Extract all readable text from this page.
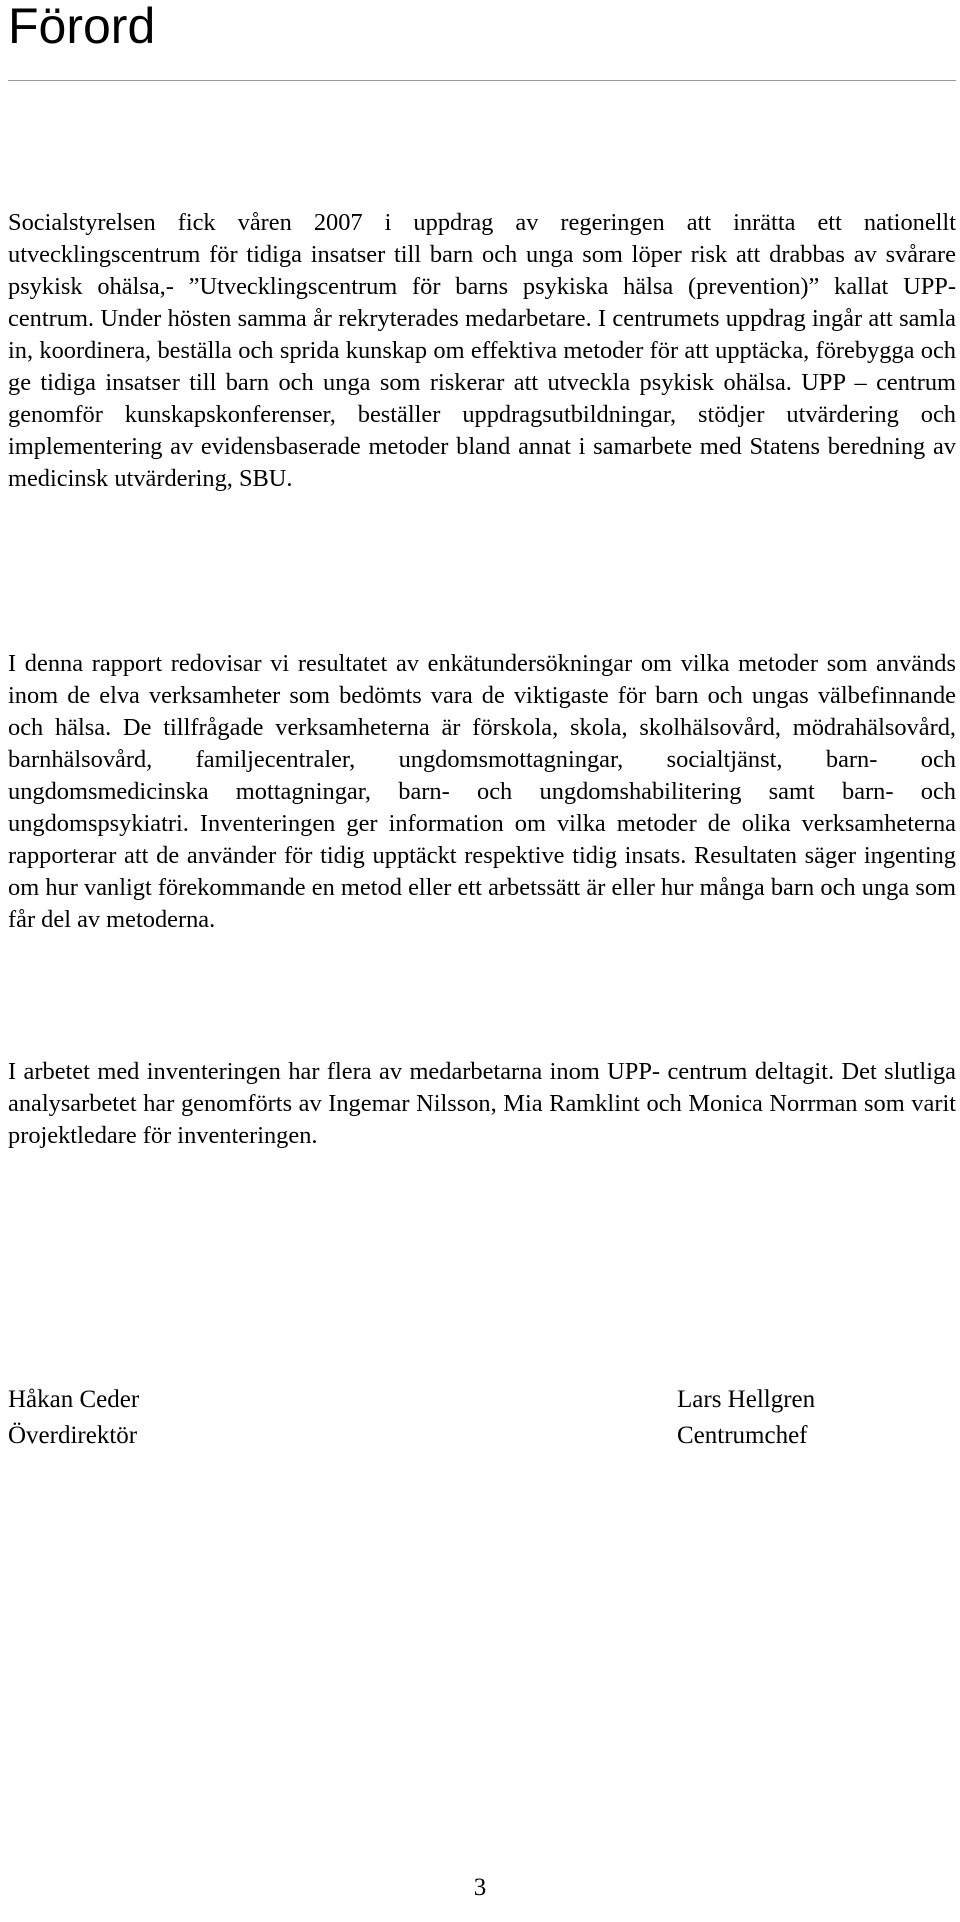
Förord

Socialstyrelsen fick våren 2007 i uppdrag av regeringen att inrätta ett nationellt utvecklingscentrum för tidiga insatser till barn och unga som löper risk att drabbas av svårare psykisk ohälsa,- ”Utvecklingscentrum för barns psykiska hälsa (prevention)” kallat UPP-centrum. Under hösten samma år rekryterades medarbetare. I centrumets uppdrag ingår att samla in, koordinera, beställa och sprida kunskap om effektiva metoder för att upptäcka, förebygga och ge tidiga insatser till barn och unga som riskerar att utveckla psykisk ohälsa. UPP – centrum genomför kunskapskonferenser, beställer uppdragsutbildningar, stödjer utvärdering och implementering av evidensbaserade metoder bland annat i samarbete med Statens beredning av medicinsk utvärdering, SBU.

I denna rapport redovisar vi resultatet av enkätundersökningar om vilka metoder som används inom de elva verksamheter som bedömts vara de viktigaste för barn och ungas välbefinnande och hälsa. De tillfrågade verksamheterna är förskola, skola, skolhälsovård, mödrahälsovård, barnhälsovård, familjecentraler, ungdomsmottagningar, socialtjänst, barn- och ungdomsmedicinska mottagningar, barn- och ungdomshabilitering samt barn- och ungdomspsykiatri. Inventeringen ger information om vilka metoder de olika verksamheterna rapporterar att de använder för tidig upptäckt respektive tidig insats. Resultaten säger ingenting om hur vanligt förekommande en metod eller ett arbetssätt är eller hur många barn och unga som får del av metoderna.

I arbetet med inventeringen har flera av medarbetarna inom UPP- centrum deltagit. Det slutliga analysarbetet har genomförts av Ingemar Nilsson, Mia Ramklint och Monica Norrman som varit projektledare för inventeringen.

Håkan Ceder
Överdirektör
Lars Hellgren
Centrumchef
3
